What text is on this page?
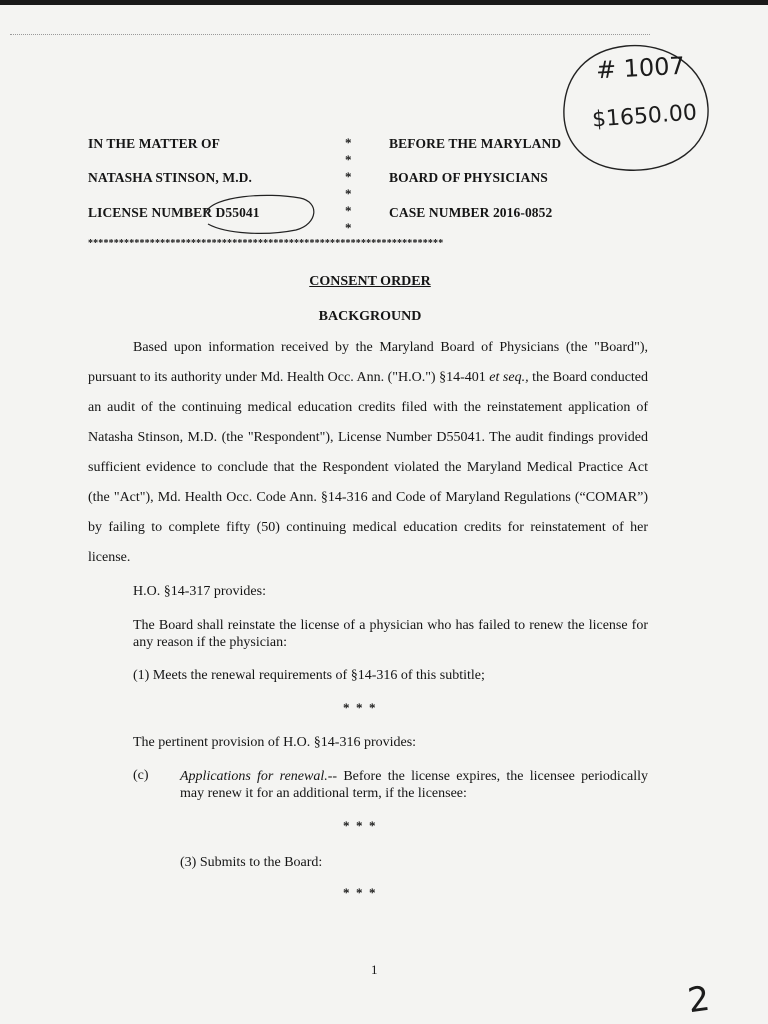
# 1007
$1650.00
IN THE MATTER OF
NATASHA STINSON, M.D.
LICENSE NUMBER D55041
*
*
*
*
*
*
BEFORE THE MARYLAND
BOARD OF PHYSICIANS
CASE NUMBER 2016-0852
*********************************************************************
CONSENT ORDER
BACKGROUND
Based upon information received by the Maryland Board of Physicians (the "Board"), pursuant to its authority under Md. Health Occ. Ann. ("H.O.") §14-401 et seq., the Board conducted an audit of the continuing medical education credits filed with the reinstatement application of Natasha Stinson, M.D. (the "Respondent"), License Number D55041. The audit findings provided sufficient evidence to conclude that the Respondent violated the Maryland Medical Practice Act (the "Act"), Md. Health Occ. Code Ann. §14-316 and Code of Maryland Regulations (“COMAR”) by failing to complete fifty (50) continuing medical education credits for reinstatement of her license.
H.O. §14-317 provides:
The Board shall reinstate the license of a physician who has failed to renew the license for any reason if the physician:
(1) Meets the renewal requirements of §14-316 of this subtitle;
*  *  *
The pertinent provision of H.O. §14-316 provides:
(c) Applications for renewal.-- Before the license expires, the licensee periodically may renew it for an additional term, if the licensee:
*  *  *
(3) Submits to the Board:
*  *  *
1
2
